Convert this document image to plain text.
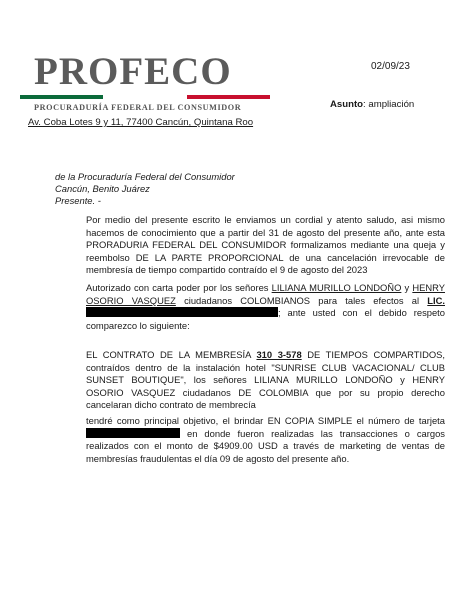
PROFECO
PROCURADURÍA FEDERAL DEL CONSUMIDOR
Av. Coba Lotes 9 y 11, 77400 Cancún, Quintana Roo
02/09/23
Asunto: ampliación
de la Procuraduría Federal del Consumidor
Cancún, Benito Juárez
Presente. -
Por medio del presente escrito le enviamos un cordial y atento saludo, asi mismo hacemos de conocimiento que a partir del 31 de agosto del presente año, ante esta PRORADURIA FEDERAL DEL CONSUMIDOR formalizamos mediante una queja y reembolso DE LA PARTE PROPORCIONAL de una cancelación irrevocable de membresía de tiempo compartido contraído el 9 de agosto del 2023
Autorizado con carta poder por los señores LILIANA MURILLO LONDOÑO y HENRY OSORIO VASQUEZ ciudadanos COLOMBIANOS para tales efectos al LIC. ; ante usted con el debido respeto comparezco lo siguiente:
EL CONTRATO DE LA MEMBRESÍA 310 3-578 DE TIEMPOS COMPARTIDOS, contraídos dentro de la instalación hotel "SUNRISE CLUB VACACIONAL/ CLUB SUNSET BOUTIQUE", los señores LILIANA MURILLO LONDOÑO y HENRY OSORIO VASQUEZ ciudadanos DE COLOMBIA que por su propio derecho cancelaran dicho contrato de membrecía
tendré como principal objetivo, el brindar EN COPIA SIMPLE el número de tarjeta  en donde fueron realizadas las transacciones o cargos realizados con el monto de $4909.00 USD a través de marketing de ventas de membresías fraudulentas el día 09 de agosto del presente año.
